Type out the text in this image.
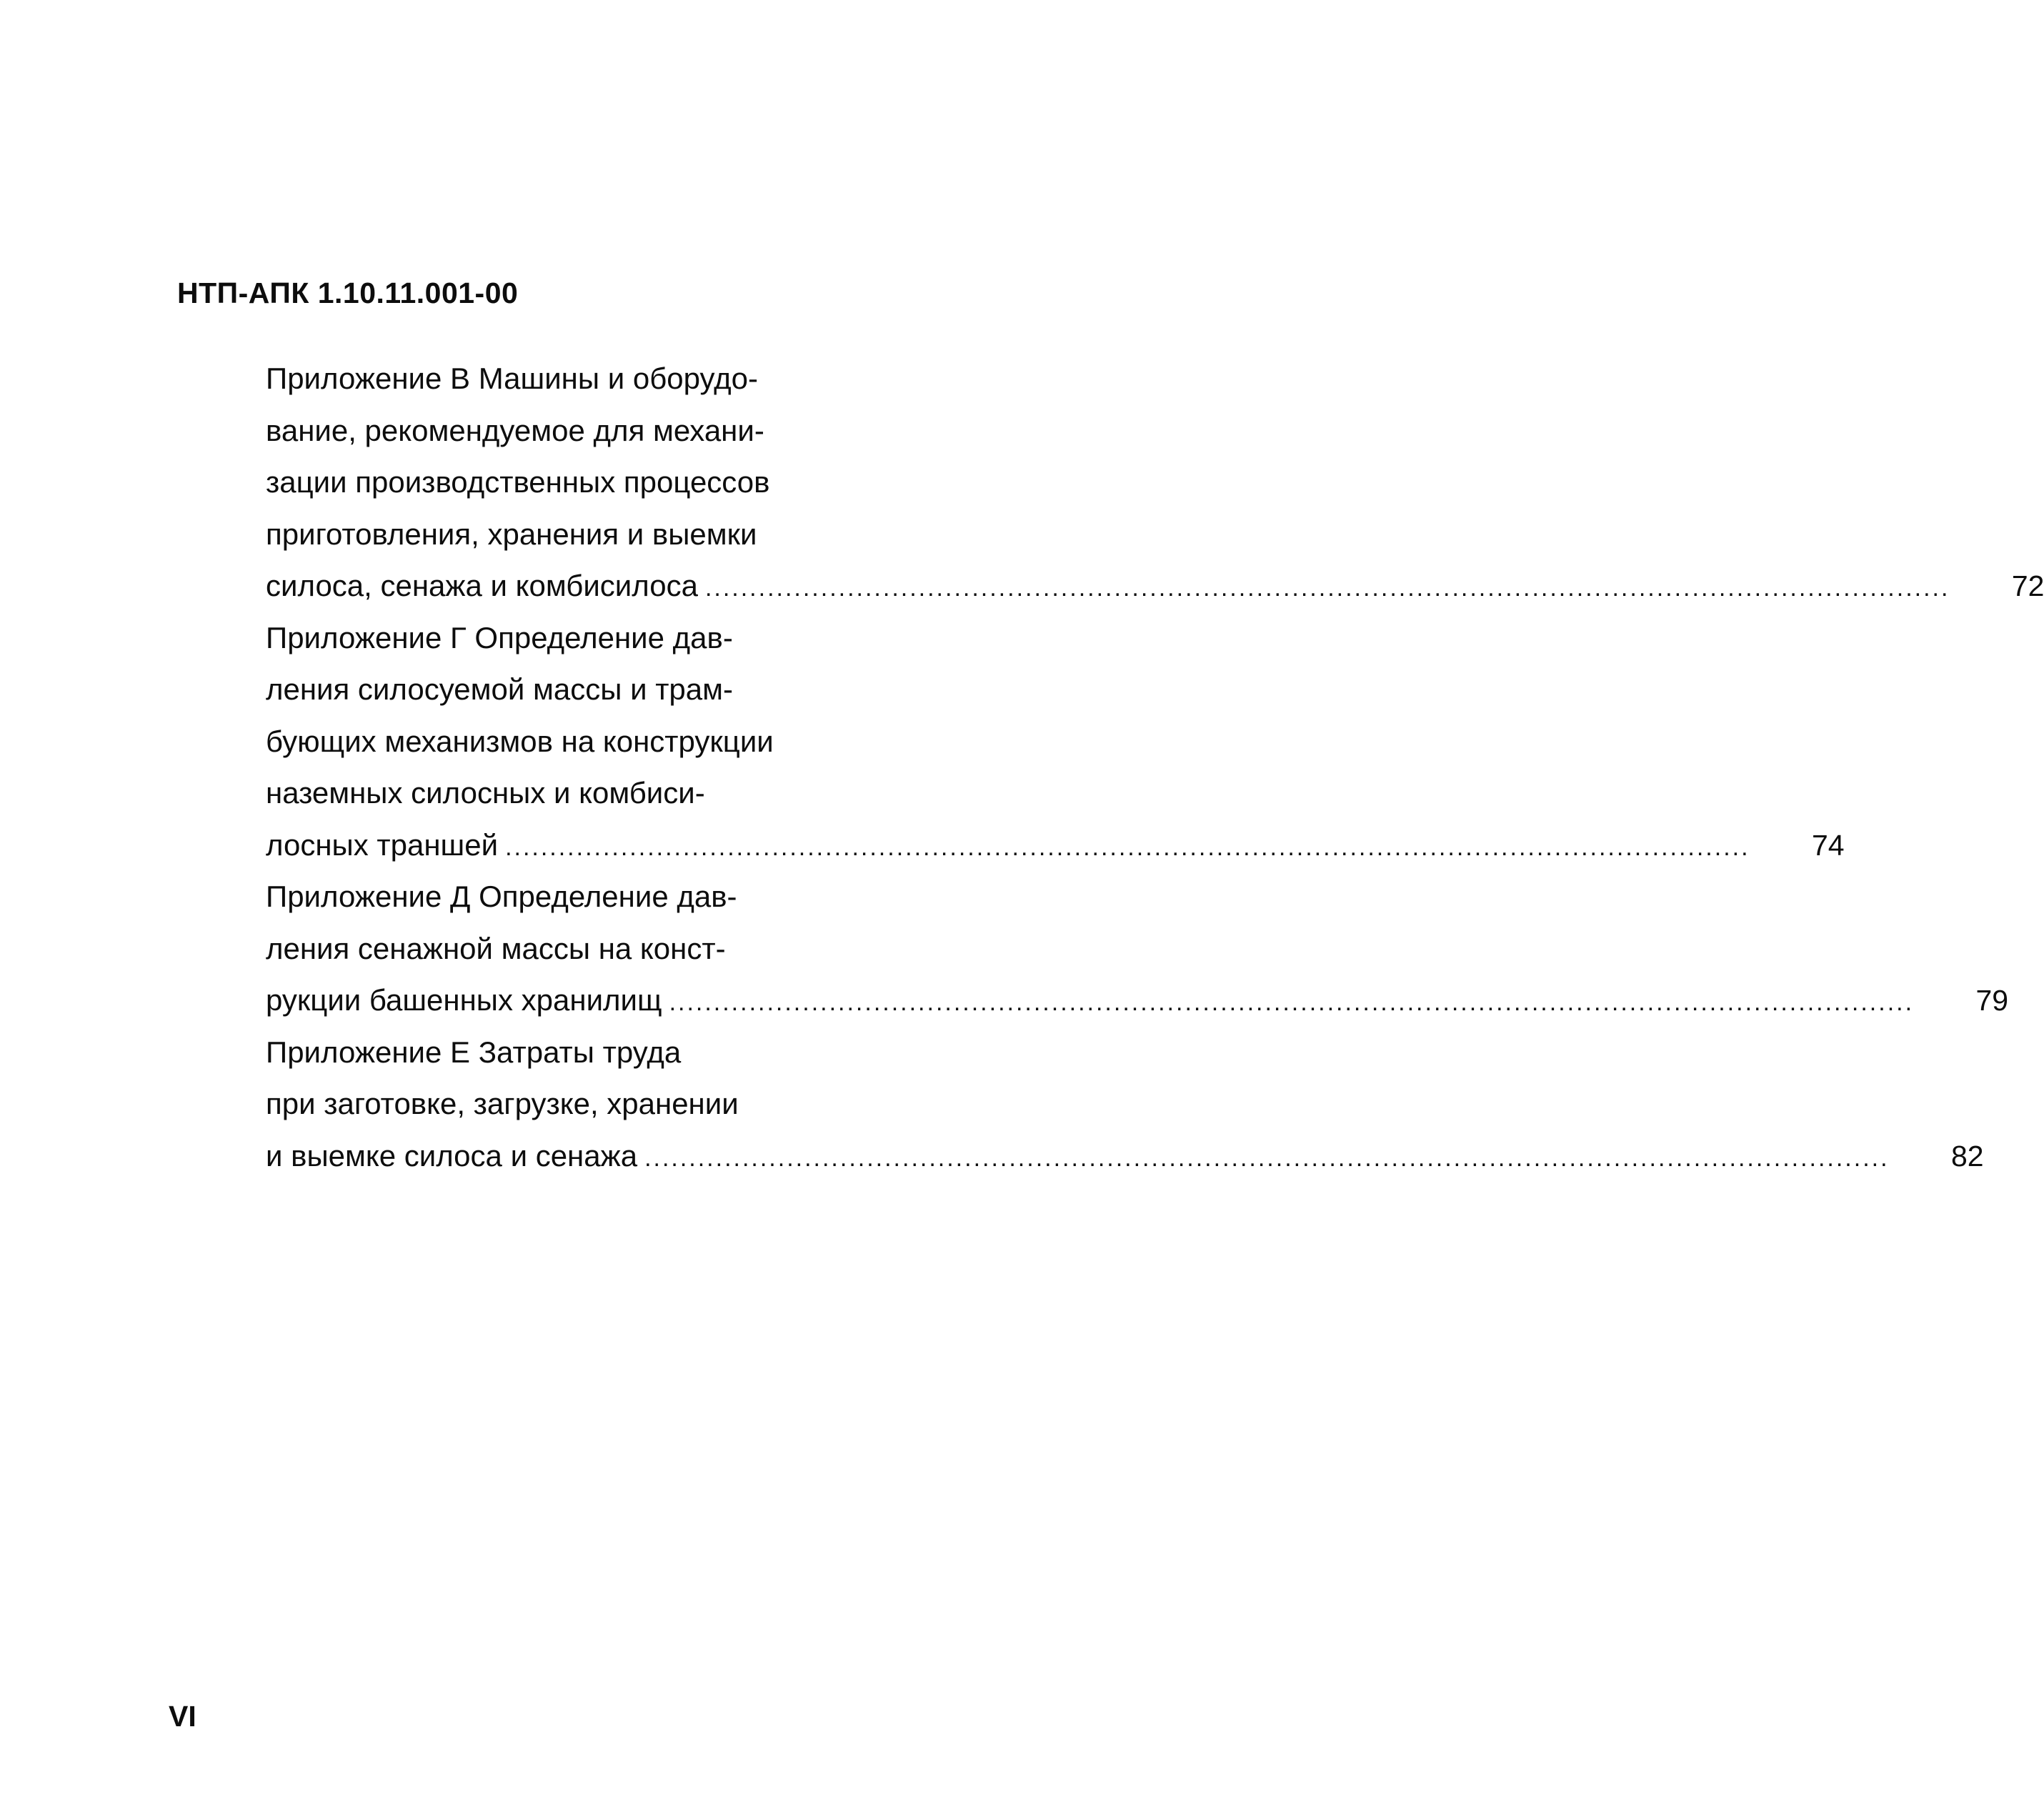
НТП-АПК 1.10.11.001-00
Приложение В Машины и оборудо-
вание, рекомендуемое для механи-
зации производственных процессов
приготовления, хранения и выемки
силоса, сенажа и комбисилоса ............................................................................................................................................	72
Приложение Г Определение дав-
ления силосуемой массы и трам-
бующих механизмов на конструкции
наземных силосных и комбиси-
лосных траншей ............................................................................................................................................	74
Приложение Д Определение дав-
ления сенажной массы на конст-
рукции башенных хранилищ ............................................................................................................................................	79
Приложение Е Затраты труда
при заготовке, загрузке, хранении
и выемке силоса и сенажа ............................................................................................................................................	82
VI
